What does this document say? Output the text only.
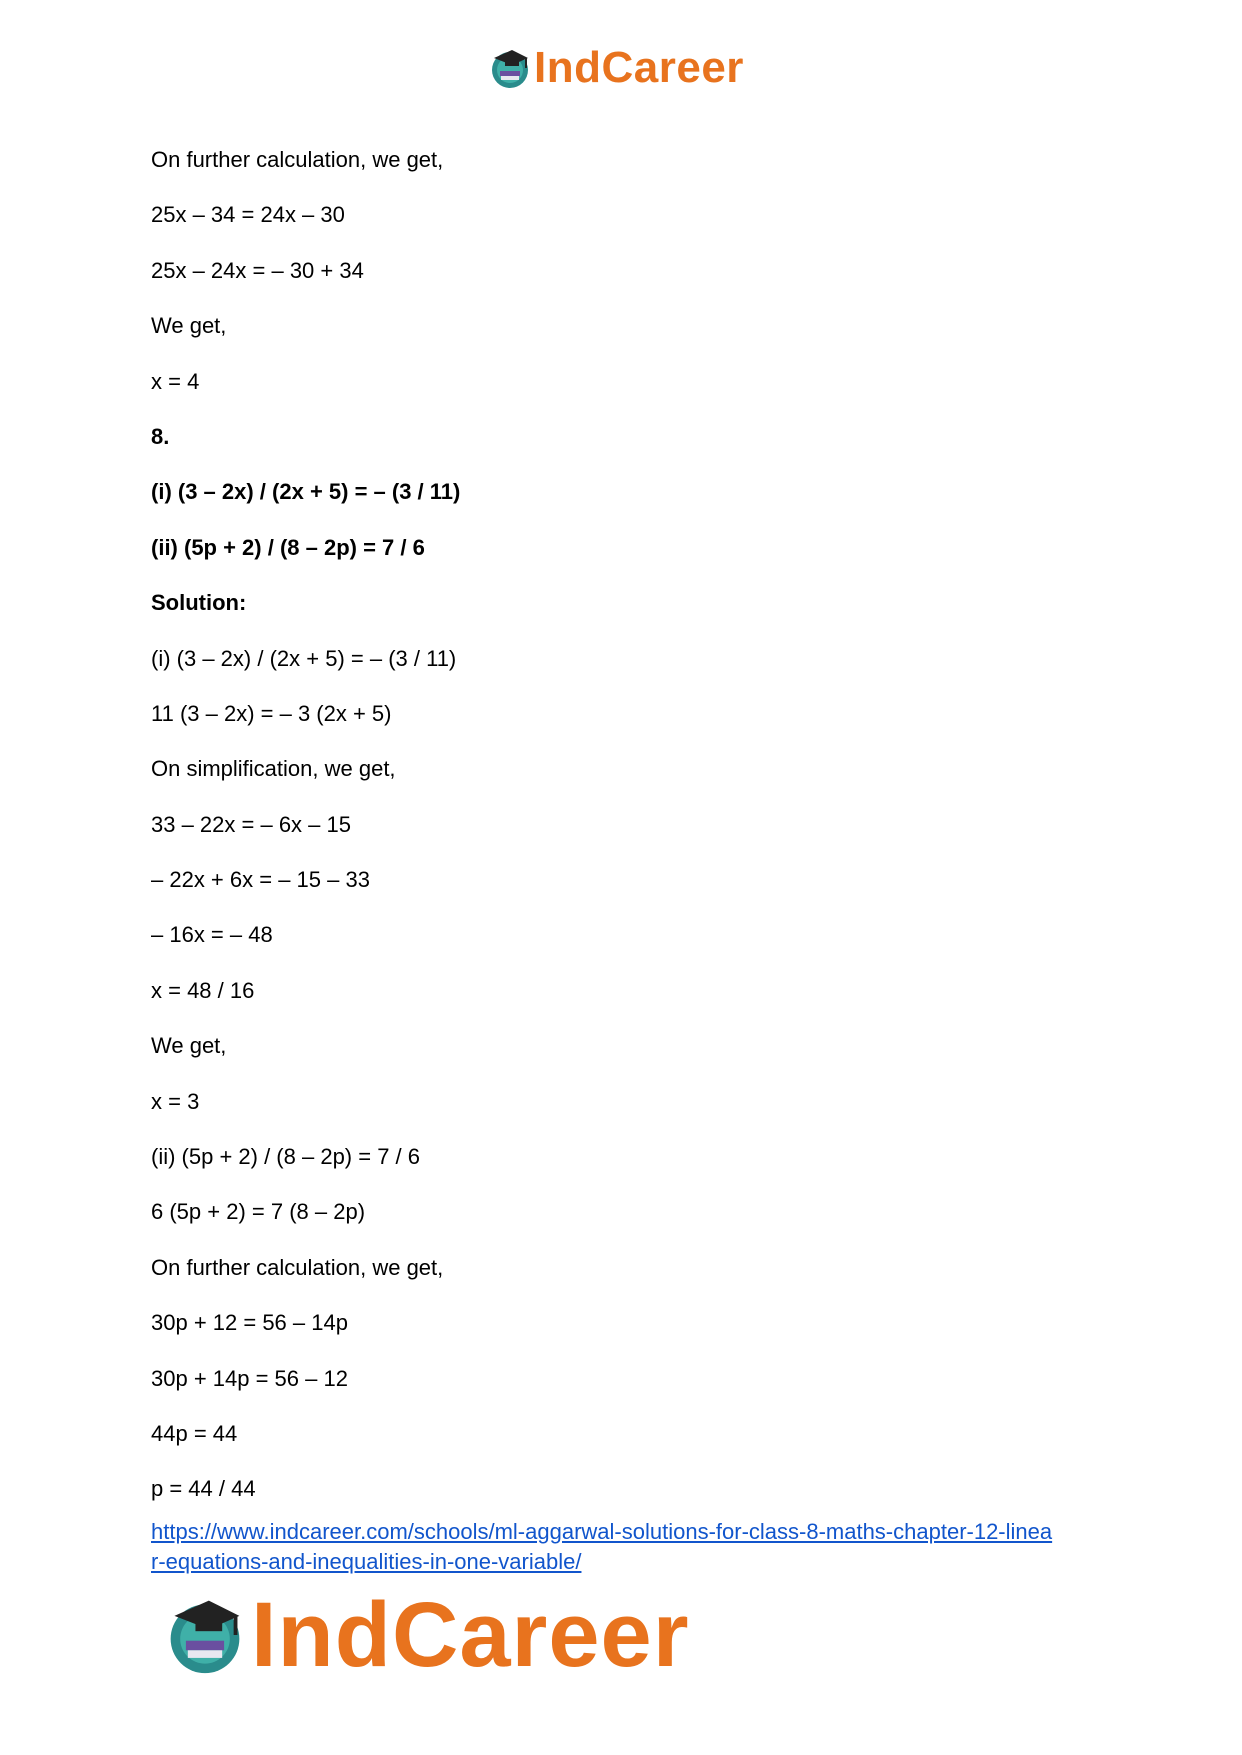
IndCareer
On further calculation, we get,
25x – 34 = 24x – 30
25x – 24x = – 30 + 34
We get,
x = 4
8.
(i) (3 – 2x) / (2x + 5) = – (3 / 11)
(ii) (5p + 2) / (8 – 2p) = 7 / 6
Solution:
(i) (3 – 2x) / (2x + 5) = – (3 / 11)
11 (3 – 2x) = – 3 (2x + 5)
On simplification, we get,
33 – 22x = – 6x – 15
– 22x + 6x = – 15 – 33
– 16x = – 48
x = 48 / 16
We get,
x = 3
(ii) (5p + 2) / (8 – 2p) = 7 / 6
6 (5p + 2) = 7 (8 – 2p)
On further calculation, we get,
30p + 12 = 56 – 14p
30p + 14p = 56 – 12
44p = 44
p = 44 / 44
https://www.indcareer.com/schools/ml-aggarwal-solutions-for-class-8-maths-chapter-12-linea
r-equations-and-inequalities-in-one-variable/
IndCareer
